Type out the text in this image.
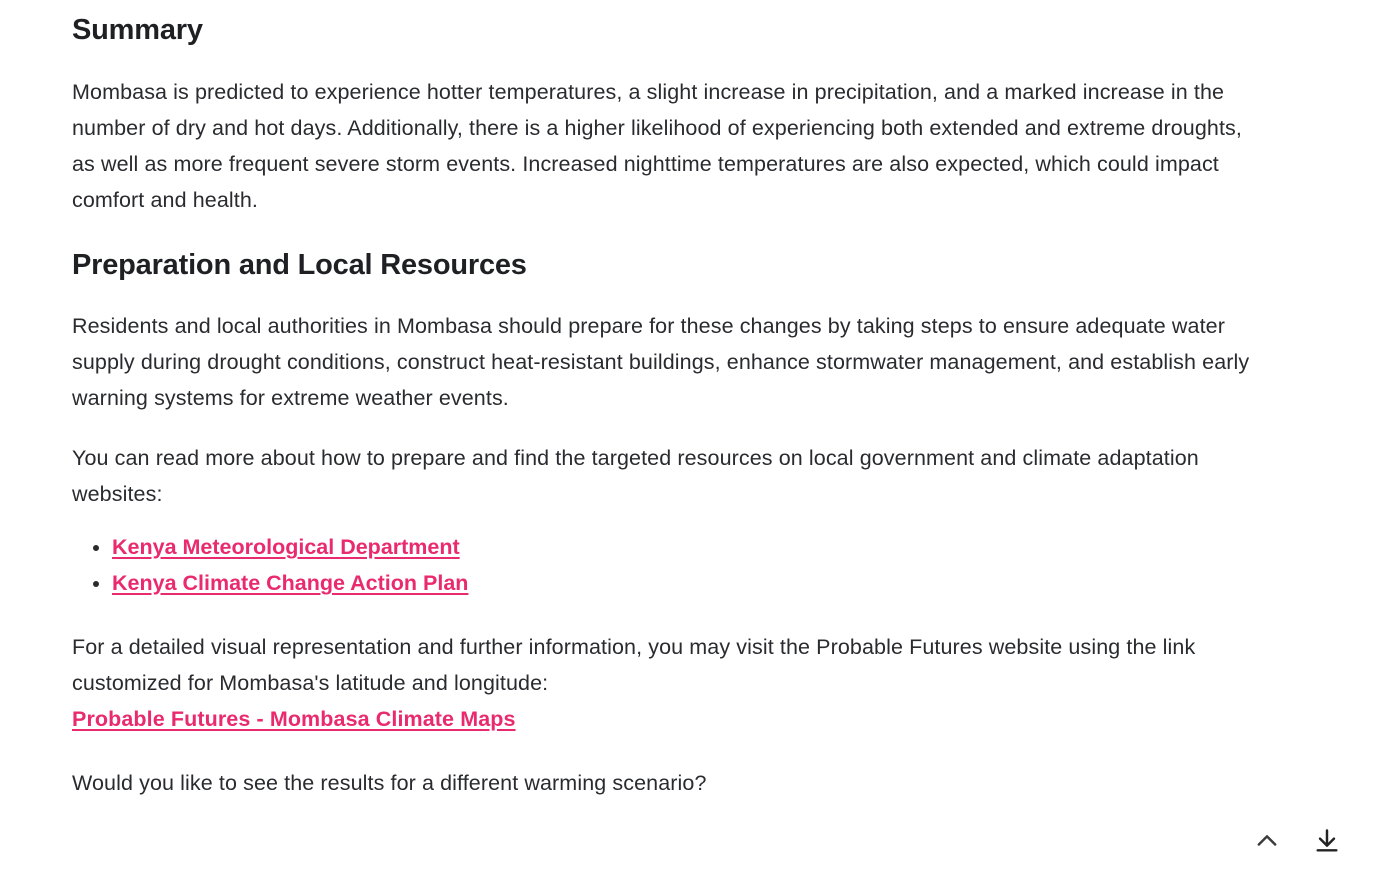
Summary

Mombasa is predicted to experience hotter temperatures, a slight increase in precipitation, and a marked increase in the number of dry and hot days. Additionally, there is a higher likelihood of experiencing both extended and extreme droughts, as well as more frequent severe storm events. Increased nighttime temperatures are also expected, which could impact comfort and health.

Preparation and Local Resources

Residents and local authorities in Mombasa should prepare for these changes by taking steps to ensure adequate water supply during drought conditions, construct heat-resistant buildings, enhance stormwater management, and establish early warning systems for extreme weather events.

You can read more about how to prepare and find the targeted resources on local government and climate adaptation websites:

• Kenya Meteorological Department
• Kenya Climate Change Action Plan

For a detailed visual representation and further information, you may visit the Probable Futures website using the link customized for Mombasa's latitude and longitude:
Probable Futures - Mombasa Climate Maps

Would you like to see the results for a different warming scenario?
